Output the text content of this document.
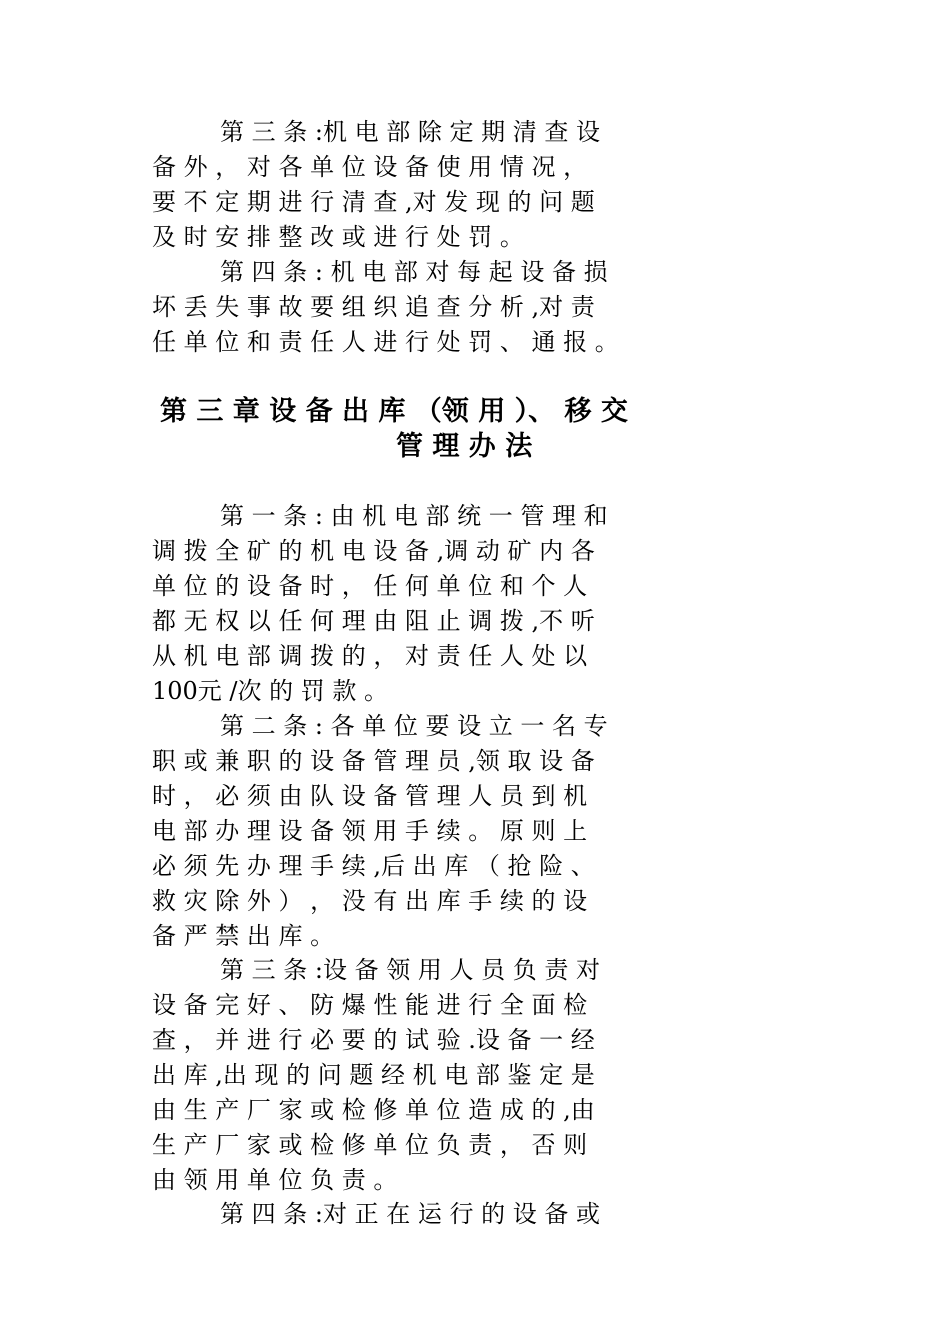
第 三 条 :机 电 部 除 定 期 清 查 设
备 外 ， 对 各 单 位 设 备 使 用 情 况 ，
要 不 定 期 进 行 清 查 ,对 发 现 的 问 题
及 时 安 排 整 改 或 进 行 处 罚 。
第 四 条 : 机 电 部 对 每 起 设 备 损
坏 丢 失 事 故 要 组 织 追 查 分 析 ,对 责
任 单 位 和 责 任 人 进 行 处 罚 、 通 报 。
第 三 章 设 备 出 库 （领 用 ）、 移 交
管 理 办 法
第 一 条 : 由 机 电 部 统 一 管 理 和
调 拨 全 矿 的 机 电 设 备 ,调 动 矿 内 各
单 位 的 设 备 时 ， 任 何 单 位 和 个 人
都 无 权 以 任 何 理 由 阻 止 调 拨 ,不 听
从 机 电 部 调 拨 的 ， 对 责 任 人 处 以
100元 /次 的 罚 款 。
第 二 条 : 各 单 位 要 设 立 一 名 专
职 或 兼 职 的 设 备 管 理 员 ,领 取 设 备
时 ， 必 须 由 队 设 备 管 理 人 员 到 机
电 部 办 理 设 备 领 用 手 续 。 原 则 上
必 须 先 办 理 手 续 ,后 出 库 （ 抢 险 、
救 灾 除 外 ） ， 没 有 出 库 手 续 的 设
备 严 禁 出 库 。
第 三 条 :设 备 领 用 人 员 负 责 对
设 备 完 好 、 防 爆 性 能 进 行 全 面 检
查 ， 并 进 行 必 要 的 试 验 .设 备 一 经
出 库 ,出 现 的 问 题 经 机 电 部 鉴 定 是
由 生 产 厂 家 或 检 修 单 位 造 成 的 ,由
生 产 厂 家 或 检 修 单 位 负 责 ， 否 则
由 领 用 单 位 负 责 。
第 四 条 :对 正 在 运 行 的 设 备 或
